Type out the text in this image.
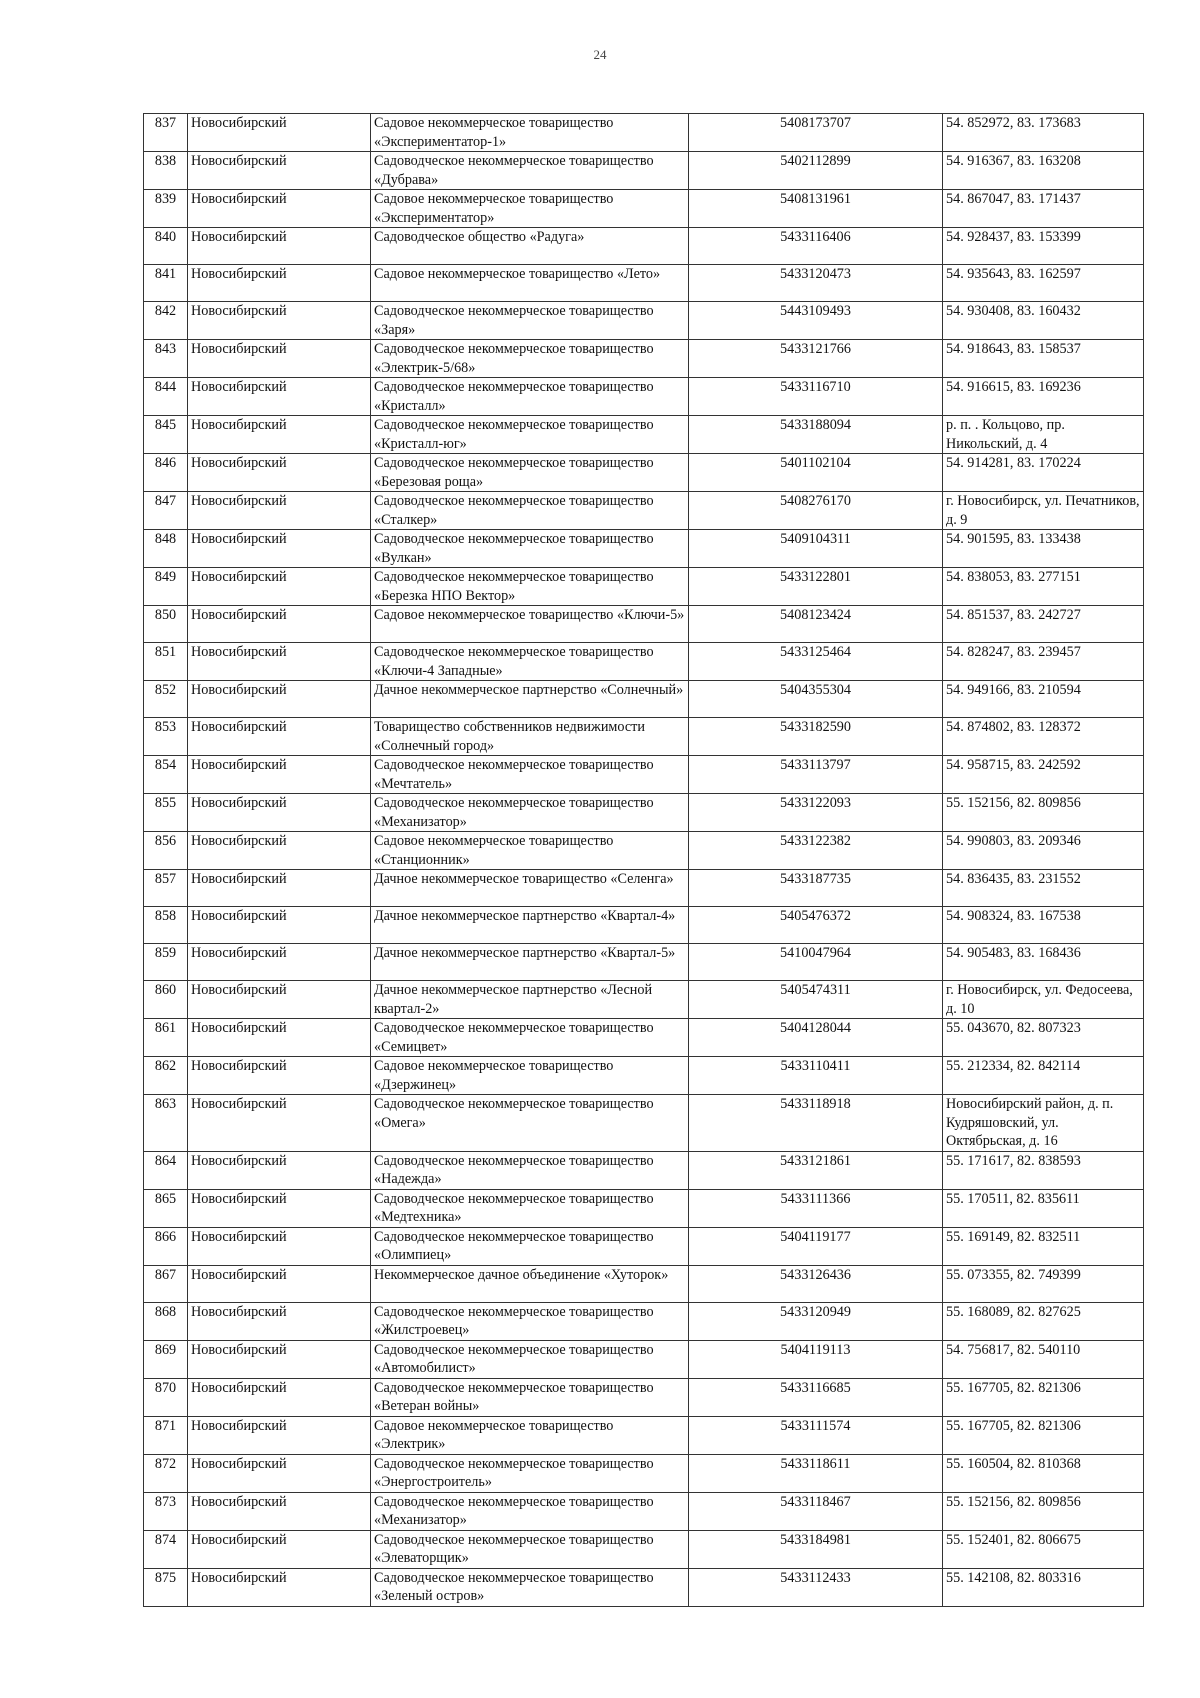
24
837	Новосибирский	Садовое некоммерческое товарищество «Экспериментатор-1»	5408173707	54. 852972, 83. 173683
838	Новосибирский	Садоводческое некоммерческое товарищество «Дубрава»	5402112899	54. 916367, 83. 163208
839	Новосибирский	Садовое некоммерческое товарищество «Экспериментатор»	5408131961	54. 867047, 83. 171437
840	Новосибирский	Садоводческое общество «Радуга»	5433116406	54. 928437, 83. 153399
841	Новосибирский	Садовое некоммерческое товарищество «Лето»	5433120473	54. 935643, 83. 162597
842	Новосибирский	Садоводческое некоммерческое товарищество «Заря»	5443109493	54. 930408, 83. 160432
843	Новосибирский	Садоводческое некоммерческое товарищество «Электрик-5/68»	5433121766	54. 918643, 83. 158537
844	Новосибирский	Садоводческое некоммерческое товарищество «Кристалл»	5433116710	54. 916615, 83. 169236
845	Новосибирский	Садоводческое некоммерческое товарищество «Кристалл-юг»	5433188094	р. п. . Кольцово, пр. Никольский, д. 4
846	Новосибирский	Садоводческое некоммерческое товарищество «Березовая роща»	5401102104	54. 914281, 83. 170224
847	Новосибирский	Садоводческое некоммерческое товарищество «Сталкер»	5408276170	г. Новосибирск, ул. Печатников, д. 9
848	Новосибирский	Садоводческое некоммерческое товарищество «Вулкан»	5409104311	54. 901595, 83. 133438
849	Новосибирский	Садоводческое некоммерческое товарищество «Березка НПО Вектор»	5433122801	54. 838053, 83. 277151
850	Новосибирский	Садовое некоммерческое товарищество «Ключи-5»	5408123424	54. 851537, 83. 242727
851	Новосибирский	Садоводческое некоммерческое товарищество «Ключи-4 Западные»	5433125464	54. 828247, 83. 239457
852	Новосибирский	Дачное некоммерческое партнерство «Солнечный»	5404355304	54. 949166, 83. 210594
853	Новосибирский	Товарищество собственников недвижимости «Солнечный город»	5433182590	54. 874802, 83. 128372
854	Новосибирский	Садоводческое некоммерческое товарищество «Мечтатель»	5433113797	54. 958715, 83. 242592
855	Новосибирский	Садоводческое некоммерческое товарищество «Механизатор»	5433122093	55. 152156, 82. 809856
856	Новосибирский	Садовое некоммерческое товарищество «Станционник»	5433122382	54. 990803, 83. 209346
857	Новосибирский	Дачное некоммерческое товарищество «Селенга»	5433187735	54. 836435, 83. 231552
858	Новосибирский	Дачное некоммерческое партнерство «Квартал-4»	5405476372	54. 908324, 83. 167538
859	Новосибирский	Дачное некоммерческое партнерство «Квартал-5»	5410047964	54. 905483, 83. 168436
860	Новосибирский	Дачное некоммерческое партнерство «Лесной квартал-2»	5405474311	г. Новосибирск, ул. Федосеева, д. 10
861	Новосибирский	Садоводческое некоммерческое товарищество «Семицвет»	5404128044	55. 043670, 82. 807323
862	Новосибирский	Садовое некоммерческое товарищество «Дзержинец»	5433110411	55. 212334, 82. 842114
863	Новосибирский	Садоводческое некоммерческое товарищество «Омега»	5433118918	Новосибирский район, д. п. Кудряшовский, ул. Октябрьская, д. 16
864	Новосибирский	Садоводческое некоммерческое товарищество «Надежда»	5433121861	55. 171617, 82. 838593
865	Новосибирский	Садоводческое некоммерческое товарищество «Медтехника»	5433111366	55. 170511, 82. 835611
866	Новосибирский	Садоводческое некоммерческое товарищество «Олимпиец»	5404119177	55. 169149, 82. 832511
867	Новосибирский	Некоммерческое дачное объединение «Хуторок»	5433126436	55. 073355, 82. 749399
868	Новосибирский	Садоводческое некоммерческое товарищество «Жилстроевец»	5433120949	55. 168089, 82. 827625
869	Новосибирский	Садоводческое некоммерческое товарищество «Автомобилист»	5404119113	54. 756817, 82. 540110
870	Новосибирский	Садоводческое некоммерческое товарищество «Ветеран войны»	5433116685	55. 167705, 82. 821306
871	Новосибирский	Садовое некоммерческое товарищество «Электрик»	5433111574	55. 167705, 82. 821306
872	Новосибирский	Садоводческое некоммерческое товарищество «Энергостроитель»	5433118611	55. 160504, 82. 810368
873	Новосибирский	Садоводческое некоммерческое товарищество «Механизатор»	5433118467	55. 152156, 82. 809856
874	Новосибирский	Садоводческое некоммерческое товарищество «Элеваторщик»	5433184981	55. 152401, 82. 806675
875	Новосибирский	Садоводческое некоммерческое товарищество «Зеленый остров»	5433112433	55. 142108, 82. 803316
